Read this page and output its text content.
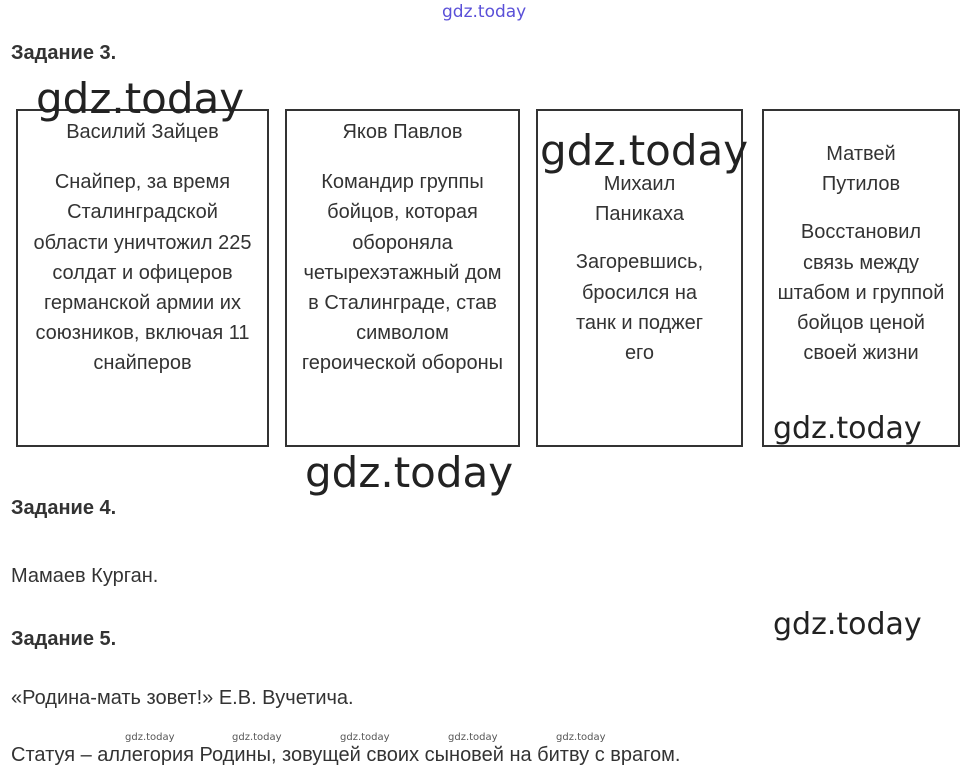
gdz.today
Задание 3.
Василий Зайцев
Снайпер, за время Сталинградской области уничтожил 225 солдат и офицеров германской армии их союзников, включая 11 снайперов
Яков Павлов
Командир группы бойцов, которая обороняла четырехэтажный дом в Сталинграде, став символом героической обороны
Михаил Паникаха
Загоревшись, бросился на танк и поджег его
Матвей Путилов
Восстановил связь между штабом и группой бойцов ценой своей жизни
gdz.today
gdz.today
gdz.today
gdz.today
Задание 4.
Мамаев Курган.
gdz.today
Задание 5.
«Родина-мать зовет!» Е.В. Вучетича.
gdz.today	gdz.today	gdz.today	gdz.today	gdz.today
Статуя – аллегория Родины, зовущей своих сыновей на битву с врагом.
